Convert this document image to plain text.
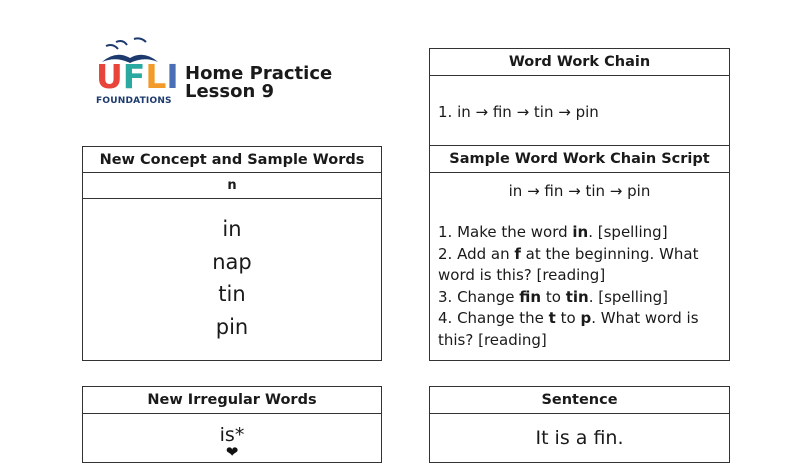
U F L I
FOUNDATIONS
Home Practice
Lesson 9
New Concept and Sample Words
n
in
nap
tin
pin
New Irregular Words
is*
❤
Word Work Chain
1. in → fin → tin → pin
Sample Word Work Chain Script
in → fin → tin → pin
1. Make the word in. [spelling]
2. Add an f at the beginning. What word is this? [reading]
3. Change fin to tin. [spelling]
4. Change the t to p. What word is this? [reading]
Sentence
It is a fin.
